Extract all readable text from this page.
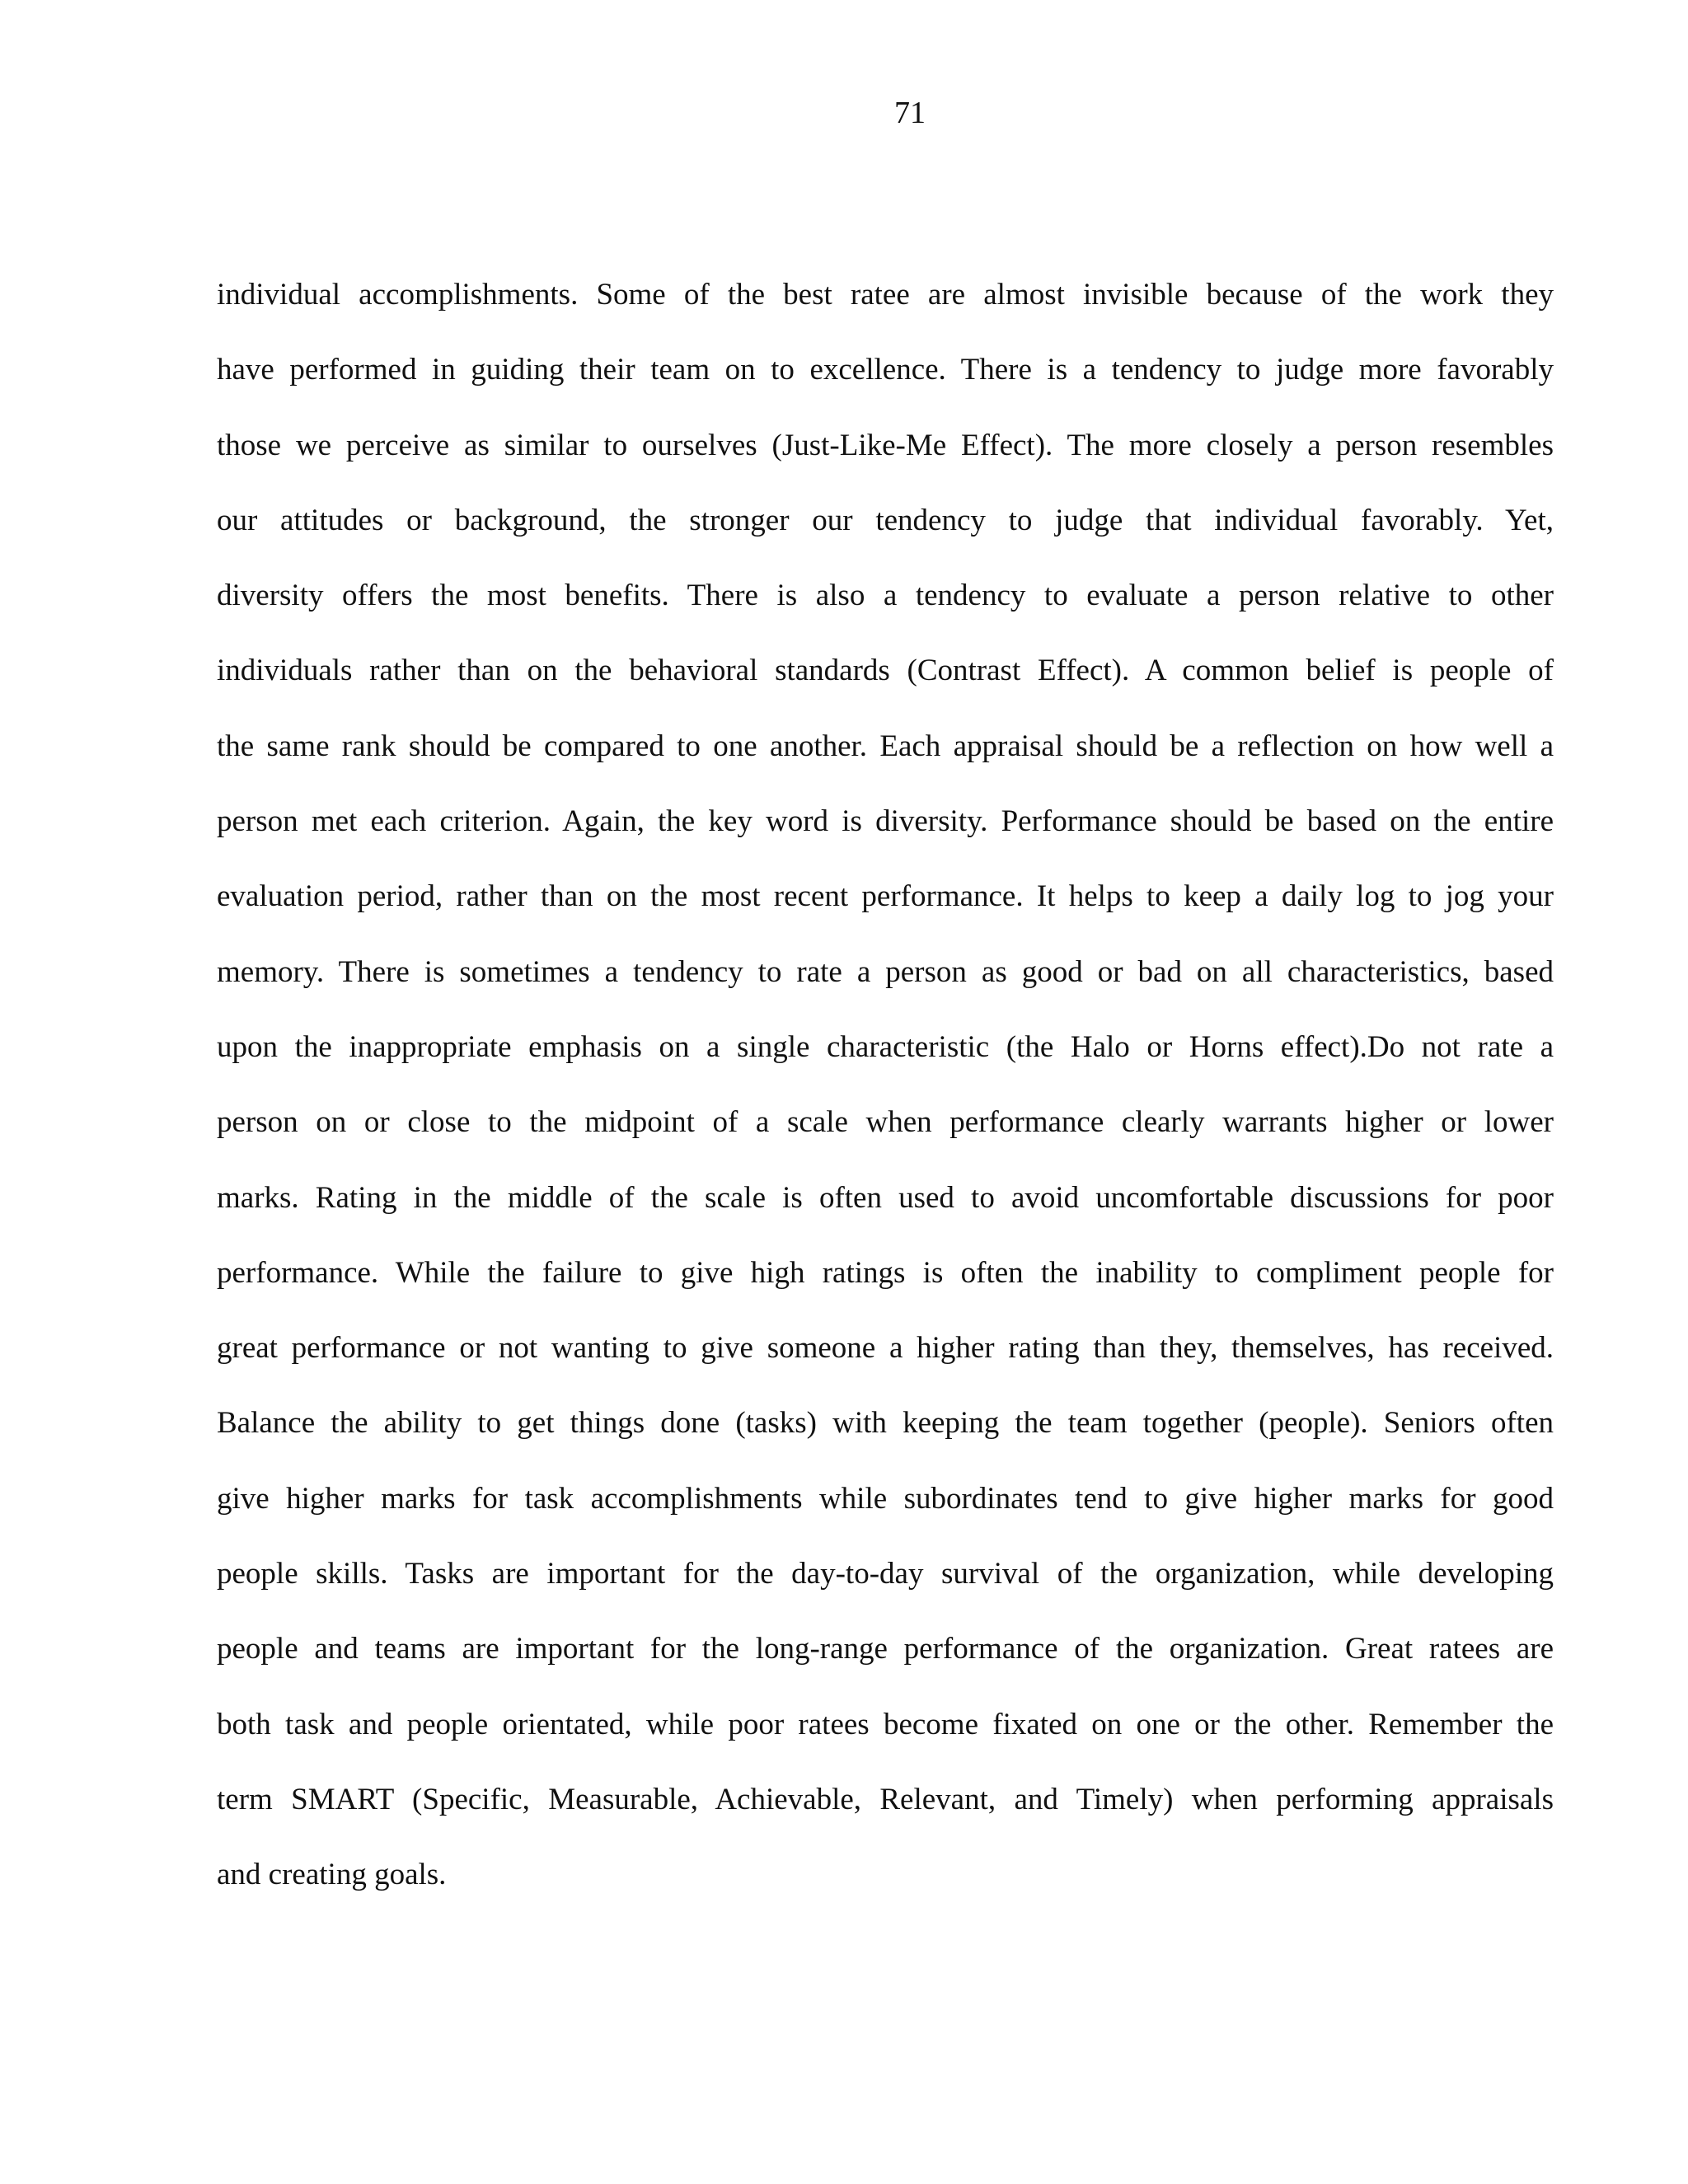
71
individual accomplishments. Some of the best ratee are almost invisible because of the work they
have performed in guiding their team on to excellence. There is a tendency to judge more favorably
those we perceive as similar to ourselves (Just-Like-Me Effect). The more closely a person resembles
our attitudes or background, the stronger our tendency to judge that individual favorably. Yet,
diversity offers the most benefits. There is also a tendency to evaluate a person relative to other
individuals rather than on the behavioral standards (Contrast Effect). A common belief is people of
the same rank should be compared to one another. Each appraisal should be a reflection on how well a
person met each criterion. Again, the key word is diversity. Performance should be based on the entire
evaluation period, rather than on the most recent performance. It helps to keep a daily log to jog your
memory. There is sometimes a tendency to rate a person as good or bad on all characteristics, based
upon the inappropriate emphasis on a single characteristic (the Halo or Horns effect).Do not rate a
person on or close to the midpoint of a scale when performance clearly warrants higher or lower
marks. Rating in the middle of the scale is often used to avoid uncomfortable discussions for poor
performance. While the failure to give high ratings is often the inability to compliment people for
great performance or not wanting to give someone a higher rating than they, themselves, has received.
Balance the ability to get things done (tasks) with keeping the team together (people). Seniors often
give higher marks for task accomplishments while subordinates tend to give higher marks for good
people skills. Tasks are important for the day-to-day survival of the organization, while developing
people and teams are important for the long-range performance of the organization. Great ratees are
both task and people orientated, while poor ratees become fixated on one or the other. Remember the
term SMART (Specific, Measurable, Achievable, Relevant, and Timely) when performing appraisals
and creating goals.
